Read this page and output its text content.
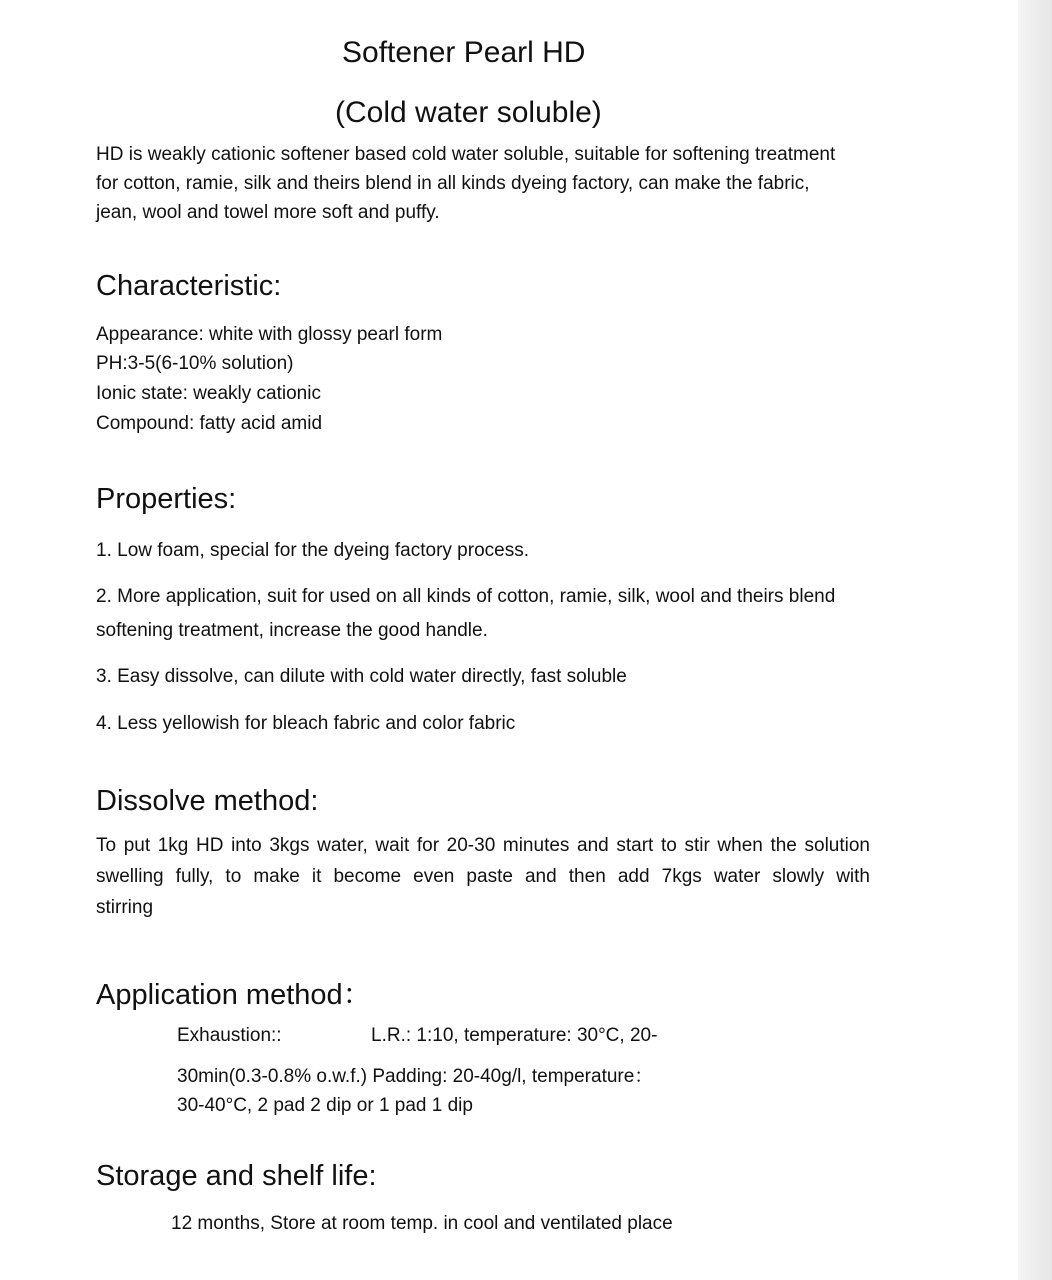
Softener Pearl HD
(Cold water soluble)
HD is weakly cationic softener based cold water soluble, suitable for softening treatment
for cotton, ramie, silk and theirs blend in all kinds dyeing factory, can make the fabric,
jean, wool and towel more soft and puffy.
Characteristic:
Appearance: white with glossy pearl form
PH:3-5(6-10% solution)
Ionic state: weakly cationic
Compound: fatty acid amid
Properties:
1. Low foam, special for the dyeing factory process.
2. More application, suit for used on all kinds of cotton, ramie, silk, wool and theirs blend
softening treatment, increase the good handle.
3. Easy dissolve, can dilute with cold water directly, fast soluble
4. Less yellowish for bleach fabric and color fabric
Dissolve method:
To put 1kg HD into 3kgs water, wait for 20-30 minutes and start to stir when the solution
swelling fully, to make it become even paste and then add 7kgs water slowly with
stirring
Application method：
Exhaustion::	L.R.: 1:10, temperature: 30°C, 20-
30min(0.3-0.8% o.w.f.) Padding: 20-40g/l, temperature：
30-40°C, 2 pad 2 dip or 1 pad 1 dip
Storage and shelf life:
12 months, Store at room temp. in cool and ventilated place
